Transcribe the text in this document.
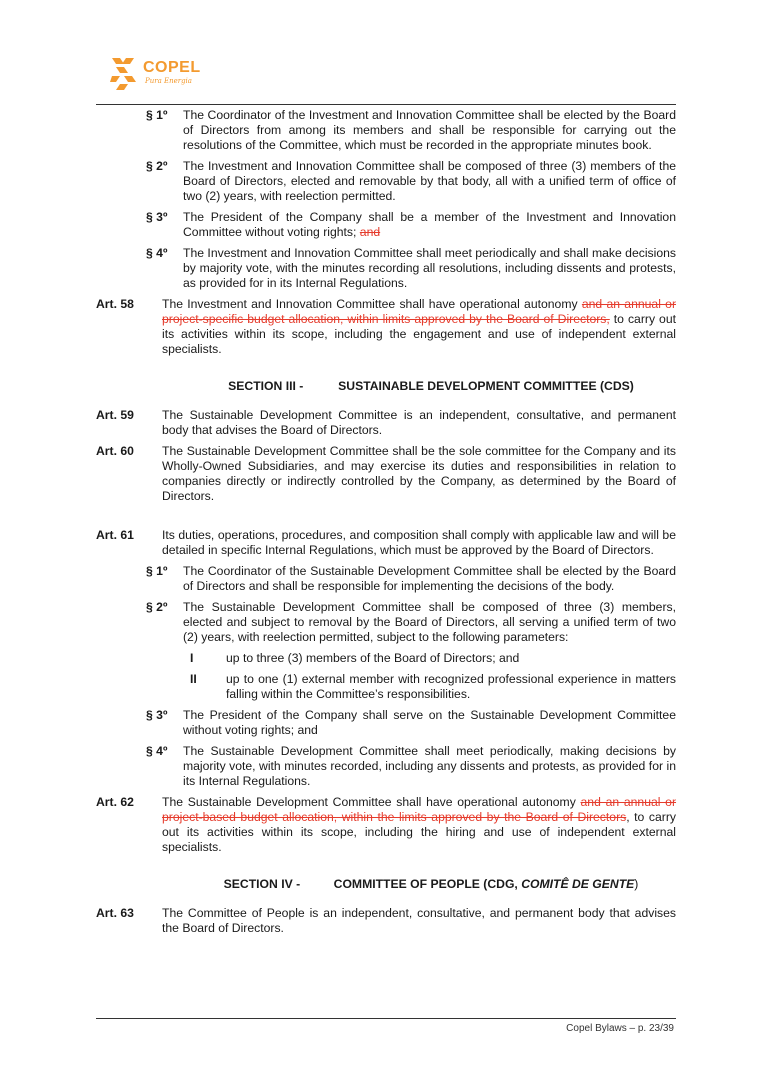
COPEL
Pura Energia
§ 1º	The Coordinator of the Investment and Innovation Committee shall be elected by the Board of Directors from among its members and shall be responsible for carrying out the resolutions of the Committee, which must be recorded in the appropriate minutes book.
§ 2º	The Investment and Innovation Committee shall be composed of three (3) members of the Board of Directors, elected and removable by that body, all with a unified term of office of two (2) years, with reelection permitted.
§ 3º	The President of the Company shall be a member of the Investment and Innovation Committee without voting rights; and
§ 4º	The Investment and Innovation Committee shall meet periodically and shall make decisions by majority vote, with the minutes recording all resolutions, including dissents and protests, as provided for in its Internal Regulations.
Art. 58	The Investment and Innovation Committee shall have operational autonomy and an annual or project-specific budget allocation, within limits approved by the Board of Directors, to carry out its activities within its scope, including the engagement and use of independent external specialists.
SECTION III -	SUSTAINABLE DEVELOPMENT COMMITTEE (CDS)
Art. 59	The Sustainable Development Committee is an independent, consultative, and permanent body that advises the Board of Directors.
Art. 60	The Sustainable Development Committee shall be the sole committee for the Company and its Wholly-Owned Subsidiaries, and may exercise its duties and responsibilities in relation to companies directly or indirectly controlled by the Company, as determined by the Board of Directors.
Art. 61	Its duties, operations, procedures, and composition shall comply with applicable law and will be detailed in specific Internal Regulations, which must be approved by the Board of Directors.
§ 1º	The Coordinator of the Sustainable Development Committee shall be elected by the Board of Directors and shall be responsible for implementing the decisions of the body.
§ 2º	The Sustainable Development Committee shall be composed of three (3) members, elected and subject to removal by the Board of Directors, all serving a unified term of two (2) years, with reelection permitted, subject to the following parameters:
I	up to three (3) members of the Board of Directors; and
II	up to one (1) external member with recognized professional experience in matters falling within the Committee’s responsibilities.
§ 3º	The President of the Company shall serve on the Sustainable Development Committee without voting rights; and
§ 4º	The Sustainable Development Committee shall meet periodically, making decisions by majority vote, with minutes recorded, including any dissents and protests, as provided for in its Internal Regulations.
Art. 62	The Sustainable Development Committee shall have operational autonomy and an annual or project-based budget allocation, within the limits approved by the Board of Directors, to carry out its activities within its scope, including the hiring and use of independent external specialists.
SECTION IV -	COMMITTEE OF PEOPLE (CDG, COMITÊ DE GENTE)
Art. 63	The Committee of People is an independent, consultative, and permanent body that advises the Board of Directors.
Copel Bylaws – p. 23/39
